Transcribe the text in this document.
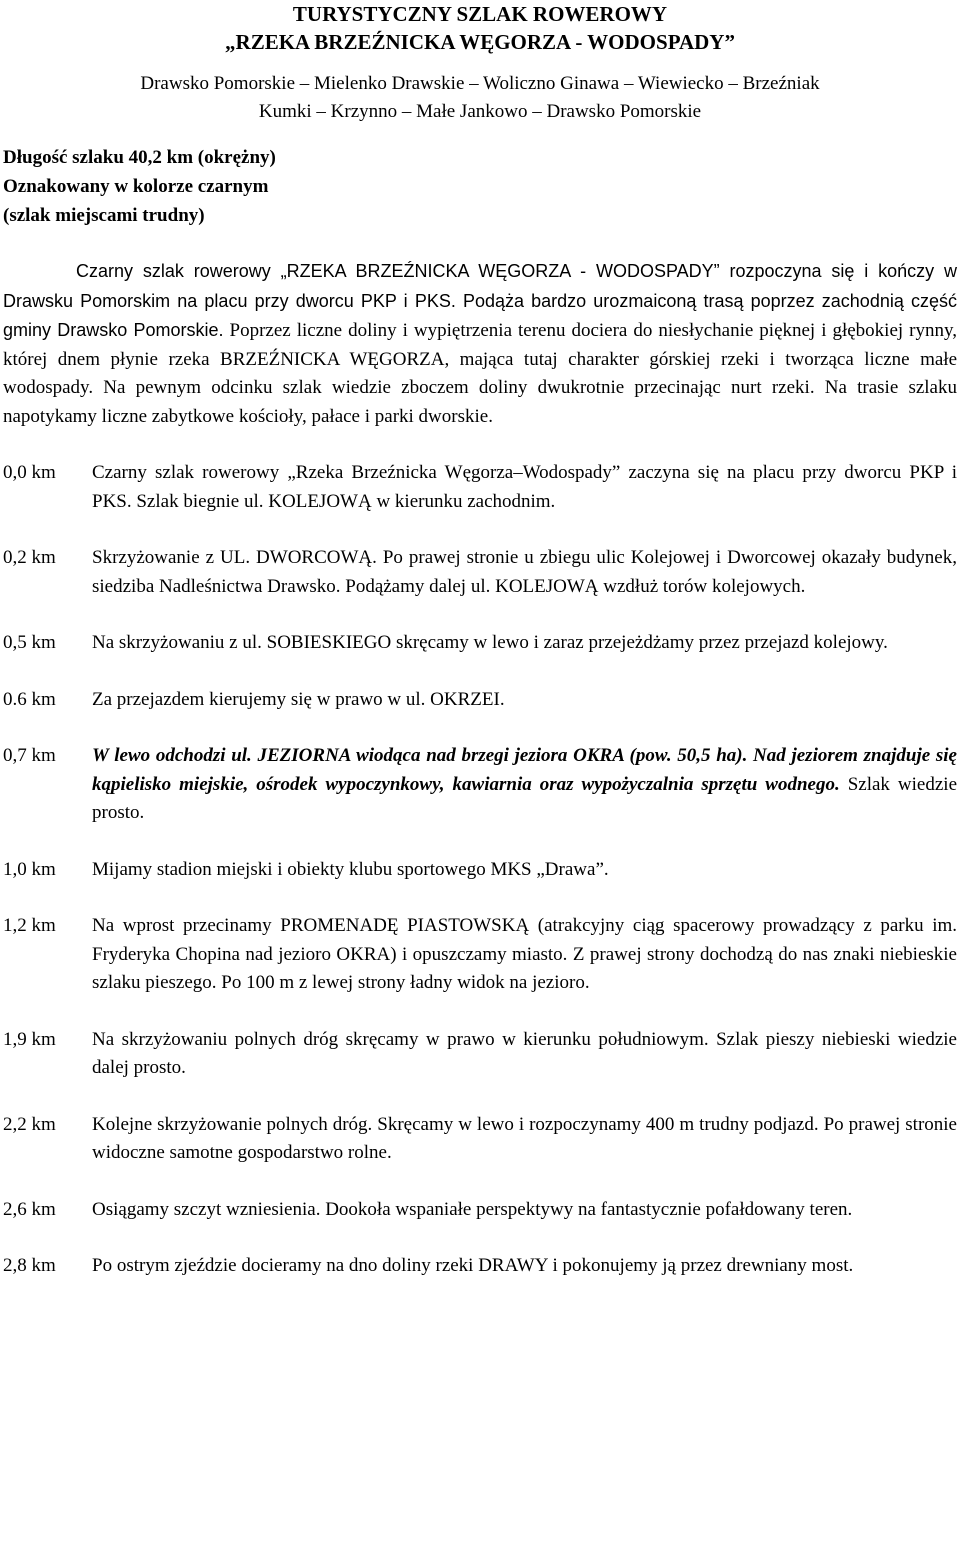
TURYSTYCZNY SZLAK ROWEROWY

„RZEKA BRZEŹNICKA WĘGORZA - WODOSPADY”

Drawsko Pomorskie – Mielenko Drawskie – Woliczno Ginawa – Wiewiecko – Brzeźniak

Kumki – Krzynno – Małe Jankowo – Drawsko Pomorskie

Długość szlaku 40,2 km (okrężny)
Oznakowany w kolorze czarnym
(szlak miejscami trudny)

Czarny szlak rowerowy „RZEKA BRZEŹNICKA WĘGORZA - WODOSPADY” rozpoczyna się i kończy w Drawsku Pomorskim na placu przy dworcu PKP i PKS. Podąża bardzo urozmaiconą trasą poprzez zachodnią część gminy Drawsko Pomorskie. Poprzez liczne doliny i wypiętrzenia terenu dociera do niesłychanie pięknej i głębokiej rynny, której dnem płynie rzeka BRZEŹNICKA WĘGORZA, mająca tutaj charakter górskiej rzeki i tworząca liczne małe wodospady. Na pewnym odcinku szlak wiedzie zboczem doliny dwukrotnie przecinając nurt rzeki. Na trasie szlaku napotykamy liczne zabytkowe kościoły, pałace i parki dworskie.

0,0 km	Czarny szlak rowerowy „Rzeka Brzeźnicka Węgorza–Wodospady” zaczyna się na placu przy dworcu PKP i PKS. Szlak biegnie ul. KOLEJOWĄ w kierunku zachodnim.
0,2 km	Skrzyżowanie z UL. DWORCOWĄ. Po prawej stronie u zbiegu ulic Kolejowej i Dworcowej okazały budynek, siedziba Nadleśnictwa Drawsko. Podążamy dalej ul. KOLEJOWĄ wzdłuż torów kolejowych.
0,5 km	Na skrzyżowaniu z ul. SOBIESKIEGO skręcamy w lewo i zaraz przejeżdżamy przez przejazd kolejowy.
0.6 km	Za przejazdem kierujemy się w prawo w ul. OKRZEI.
0,7 km	W lewo odchodzi ul. JEZIORNA wiodąca nad brzegi jeziora OKRA (pow. 50,5 ha). Nad jeziorem znajduje się kąpielisko miejskie, ośrodek wypoczynkowy, kawiarnia oraz wypożyczalnia sprzętu wodnego. Szlak wiedzie prosto.
1,0 km	Mijamy stadion miejski i obiekty klubu sportowego MKS „Drawa”.
1,2 km	Na wprost przecinamy PROMENADĘ PIASTOWSKĄ (atrakcyjny ciąg spacerowy prowadzący z parku im. Fryderyka Chopina nad jezioro OKRA) i opuszczamy miasto. Z prawej strony dochodzą do nas znaki niebieskie szlaku pieszego. Po 100 m z lewej strony ładny widok na jezioro.
1,9 km	Na skrzyżowaniu polnych dróg skręcamy w prawo w kierunku południowym. Szlak pieszy niebieski wiedzie dalej prosto.
2,2 km	Kolejne skrzyżowanie polnych dróg. Skręcamy w lewo i rozpoczynamy 400 m trudny podjazd. Po prawej stronie widoczne samotne gospodarstwo rolne.
2,6 km	Osiągamy szczyt wzniesienia. Dookoła wspaniałe perspektywy na fantastycznie pofałdowany teren.
2,8 km	Po ostrym zjeździe docieramy na dno doliny rzeki DRAWY i pokonujemy ją przez drewniany most.
